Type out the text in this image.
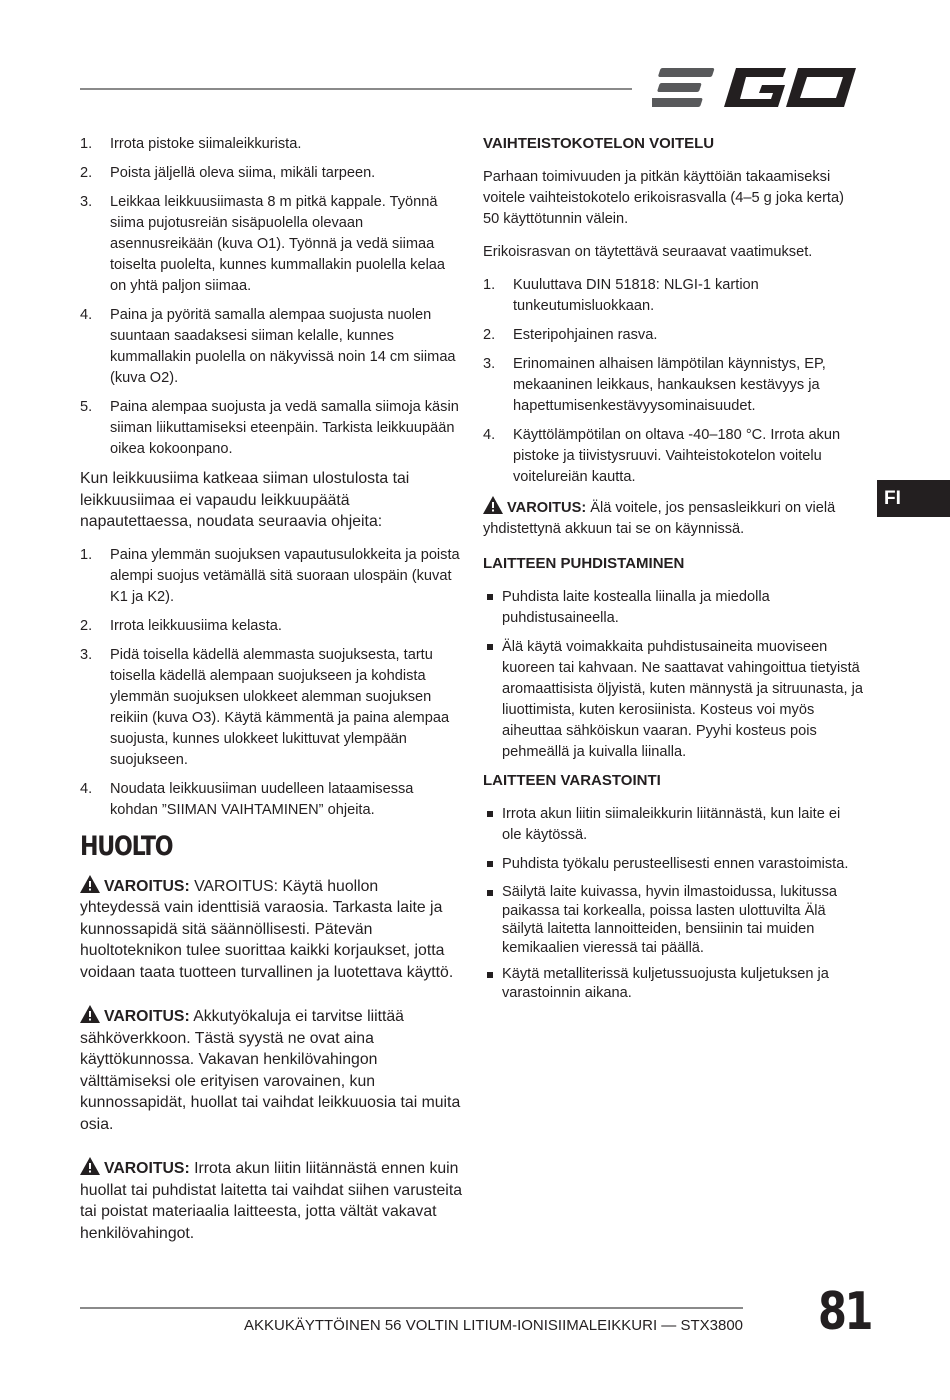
1. Irrota pistoke siimaleikkurista.
2. Poista jäljellä oleva siima, mikäli tarpeen.
3. Leikkaa leikkuusiimasta 8 m pitkä kappale. Työnnä siima pujotusreiän sisäpuolella olevaan asennusreikään (kuva O1). Työnnä ja vedä siimaa toiselta puolelta, kunnes kummallakin puolella kelaa on yhtä paljon siimaa.
4. Paina ja pyöritä samalla alempaa suojusta nuolen suuntaan saadaksesi siiman kelalle, kunnes kummallakin puolella on näkyvissä noin 14 cm siimaa (kuva O2).
5. Paina alempaa suojusta ja vedä samalla siimoja käsin siiman liikuttamiseksi eteenpäin. Tarkista leikkuupään oikea kokoonpano.

Kun leikkuusiima katkeaa siiman ulostulosta tai leikkuusiimaa ei vapaudu leikkuupäätä napautettaessa, noudata seuraavia ohjeita:

1. Paina ylemmän suojuksen vapautusulokkeita ja poista alempi suojus vetämällä sitä suoraan ulospäin (kuvat K1 ja K2).
2. Irrota leikkuusiima kelasta.
3. Pidä toisella kädellä alemmasta suojuksesta, tartu toisella kädellä alempaan suojukseen ja kohdista ylemmän suojuksen ulokkeet alemman suojuksen reikiin (kuva O3). Käytä kämmentä ja paina alempaa suojusta, kunnes ulokkeet lukittuvat ylempään suojukseen.
4. Noudata leikkuusiiman uudelleen lataamisessa kohdan ”SIIMAN VAIHTAMINEN” ohjeita.
HUOLTO
VAROITUS: VAROITUS: Käytä huollon yhteydessä vain identtisiä varaosia. Tarkasta laite ja kunnossapidä sitä säännöllisesti. Pätevän huoltoteknikon tulee suorittaa kaikki korjaukset, jotta voidaan taata tuotteen turvallinen ja luotettava käyttö.
VAROITUS: Akkutyökaluja ei tarvitse liittää sähköverkkoon. Tästä syystä ne ovat aina käyttökunnossa. Vakavan henkilövahingon välttämiseksi ole erityisen varovainen, kun kunnossapidät, huollat tai vaihdat leikkuuosia tai muita osia.
VAROITUS: Irrota akun liitin liitännästä ennen kuin huollat tai puhdistat laitetta tai vaihdat siihen varusteita tai poistat materiaalia laitteesta, jotta vältät vakavat henkilövahingot.
VAIHTEISTOKOTELON VOITELU

Parhaan toimivuuden ja pitkän käyttöiän takaamiseksi voitele vaihteistokotelo erikoisrasvalla (4–5 g joka kerta) 50 käyttötunnin välein.

Erikoisrasvan on täytettävä seuraavat vaatimukset.

1. Kuuluttava DIN 51818: NLGI-1 kartion tunkeutumisluokkaan.
2. Esteripohjainen rasva.
3. Erinomainen alhaisen lämpötilan käynnistys, EP, mekaaninen leikkaus, hankauksen kestävyys ja hapettumisenkestävyysominaisuudet.
4. Käyttölämpötilan on oltava -40–180 °C. Irrota akun pistoke ja tiivistysruuvi. Vaihteistokotelon voitelu voitelureiän kautta.
VAROITUS: Älä voitele, jos pensasleikkuri on vielä yhdistettynä akkuun tai se on käynnissä.
LAITTEEN PUHDISTAMINEN
Puhdista laite kostealla liinalla ja miedolla puhdistusaineella.
Älä käytä voimakkaita puhdistusaineita muoviseen kuoreen tai kahvaan. Ne saattavat vahingoittua tietyistä aromaattisista öljyistä, kuten männystä ja sitruunasta, ja liuottimista, kuten kerosiinista. Kosteus voi myös aiheuttaa sähköiskun vaaran. Pyyhi kosteus pois pehmeällä ja kuivalla liinalla.
LAITTEEN VARASTOINTI
Irrota akun liitin siimaleikkurin liitännästä, kun laite ei ole käytössä.
Puhdista työkalu perusteellisesti ennen varastoimista.
Säilytä laite kuivassa, hyvin ilmastoidussa, lukitussa paikassa tai korkealla, poissa lasten ulottuvilta Älä säilytä laitetta lannoitteiden, bensiinin tai muiden kemikaalien vieressä tai päällä.
Käytä metalliterissä kuljetussuojusta kuljetuksen ja varastoinnin aikana.
FI
AKKUKÄYTTÖINEN 56 VOLTIN LITIUM-IONISIIMALEIKKURI — STX3800 81
